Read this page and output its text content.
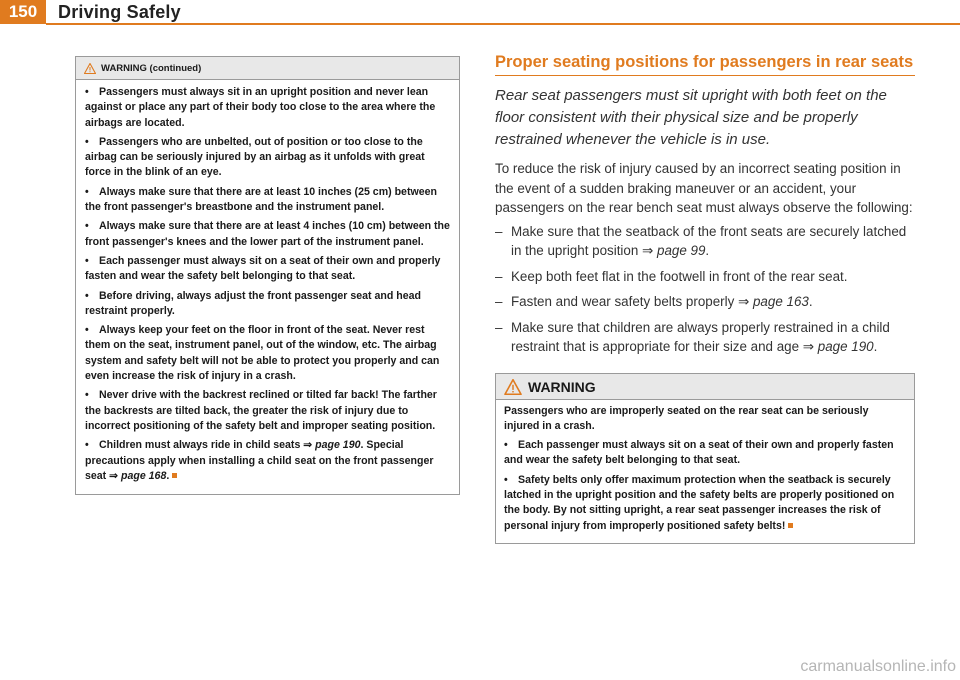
150	Driving Safely
WARNING (continued)

• Passengers must always sit in an upright position and never lean against or place any part of their body too close to the area where the airbags are located.

• Passengers who are unbelted, out of position or too close to the airbag can be seriously injured by an airbag as it unfolds with great force in the blink of an eye.

• Always make sure that there are at least 10 inches (25 cm) between the front passenger's breastbone and the instrument panel.

• Always make sure that there are at least 4 inches (10 cm) between the front passenger's knees and the lower part of the instrument panel.

• Each passenger must always sit on a seat of their own and properly fasten and wear the safety belt belonging to that seat.

• Before driving, always adjust the front passenger seat and head restraint properly.

• Always keep your feet on the floor in front of the seat. Never rest them on the seat, instrument panel, out of the window, etc. The airbag system and safety belt will not be able to protect you properly and can even increase the risk of injury in a crash.

• Never drive with the backrest reclined or tilted far back! The farther the backrests are tilted back, the greater the risk of injury due to incorrect positioning of the safety belt and improper seating position.

• Children must always ride in child seats ⇒ page 190. Special precautions apply when installing a child seat on the front passenger seat ⇒ page 168.

Proper seating positions for passengers in rear seats

Rear seat passengers must sit upright with both feet on the floor consistent with their physical size and be properly restrained whenever the vehicle is in use.

To reduce the risk of injury caused by an incorrect seating position in the event of a sudden braking maneuver or an accident, your passengers on the rear bench seat must always observe the following:

– Make sure that the seatback of the front seats are securely latched in the upright position ⇒ page 99.
– Keep both feet flat in the footwell in front of the rear seat.
– Fasten and wear safety belts properly ⇒ page 163.
– Make sure that children are always properly restrained in a child restraint that is appropriate for their size and age ⇒ page 190.
WARNING

Passengers who are improperly seated on the rear seat can be seriously injured in a crash.

• Each passenger must always sit on a seat of their own and properly fasten and wear the safety belt belonging to that seat.

• Safety belts only offer maximum protection when the seatback is securely latched in the upright position and the safety belts are properly positioned on the body. By not sitting upright, a rear seat passenger increases the risk of personal injury from improperly positioned safety belts!

carmanualsonline.info
